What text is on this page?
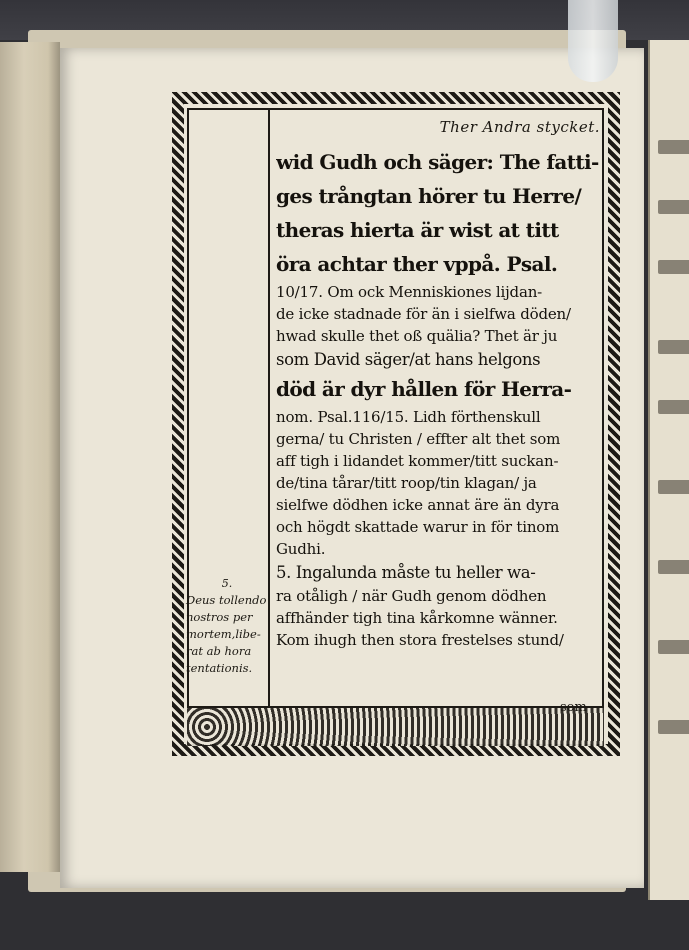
Ther Andra stycket.
wid Gudh och säger: The fatti-
ges trångtan hörer tu Herre/
theras hierta är wist at titt
öra achtar ther vppå. Psal.
10/17. Om ock Menniskiones lijdan-
de icke stadnade för än i sielfwa döden/
hwad skulle thet oß quälia? Thet är ju
som David säger/at hans helgons
död är dyr hållen för Herra-
nom. Psal.116/15. Lidh förthenskull
gerna/ tu Christen / effter alt thet som
aff tigh i lidandet kommer/titt suckan-
de/tina tårar/titt roop/tin klagan/ ja
sielfwe dödhen icke annat äre än dyra
och högdt skattade warur in för tinom
Gudhi.
5. Ingalunda måste tu heller wa-
ra otåligh / när Gudh genom dödhen
affhänder tigh tina kårkomne wänner.
Kom ihugh then stora frestelses stund/
5.
Deus tollendo
nostros per
mortem,libe-
rat ab hora
tentationis.
som
